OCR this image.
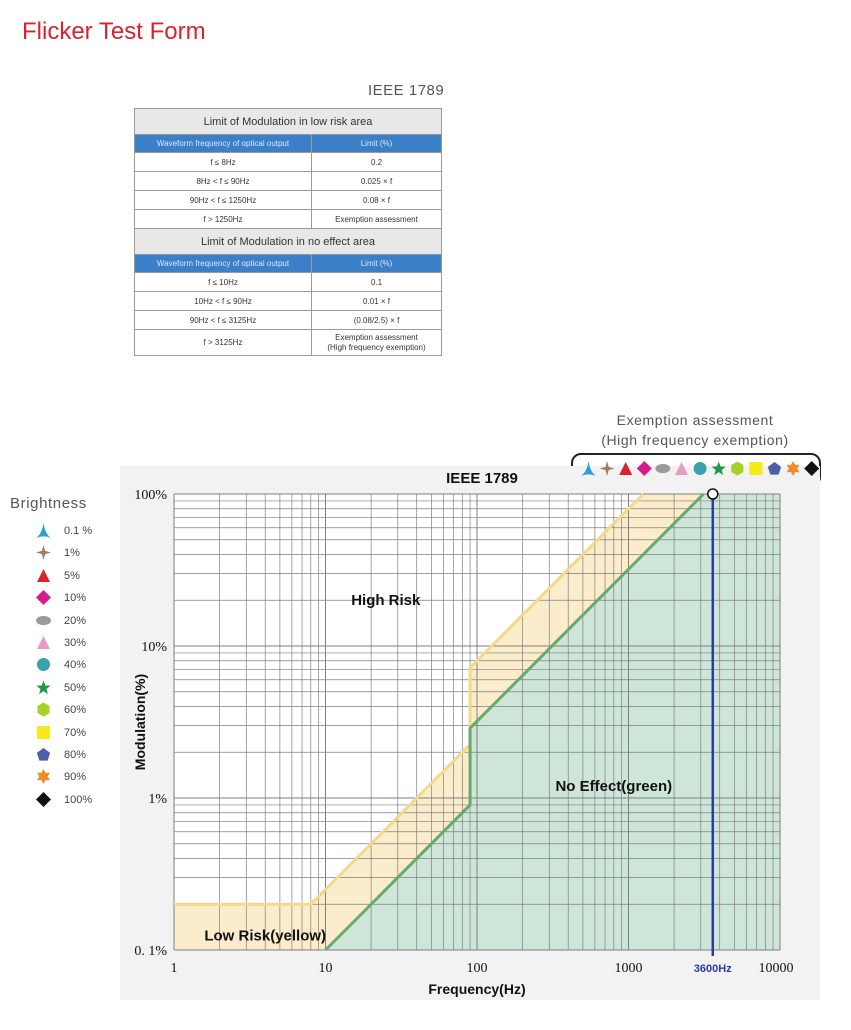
Flicker Test Form
IEEE 1789
Limit of Modulation in low risk area	
Waveform frequency of optical output	Limit (%)
f ≤ 8Hz	0.2
8Hz < f ≤ 90Hz	0.025 × f
90Hz < f ≤ 1250Hz	0.08 × f
f > 1250Hz	Exemption assessment
Limit of Modulation in no effect area	
Waveform frequency of optical output	Limit (%)
f ≤ 10Hz	0.1
10Hz < f ≤ 90Hz	0.01 × f
90Hz < f ≤ 3125Hz	(0.08/2.5) × f
f > 3125Hz	Exemption assessment
(High frequency exemption)
Exemption assessment
(High frequency exemption)
Brightness
0.1 %
1%
5%
10%
20%
30%
40%
50%
60%
70%
80%
90%
100%
IEEE 1789
1	10	100	1000	10000
0. 1%
1%
10%
100%
Frequency(Hz)
Modulation(%)
High Risk
Low Risk(yellow)
No Effect(green)
3600Hz
